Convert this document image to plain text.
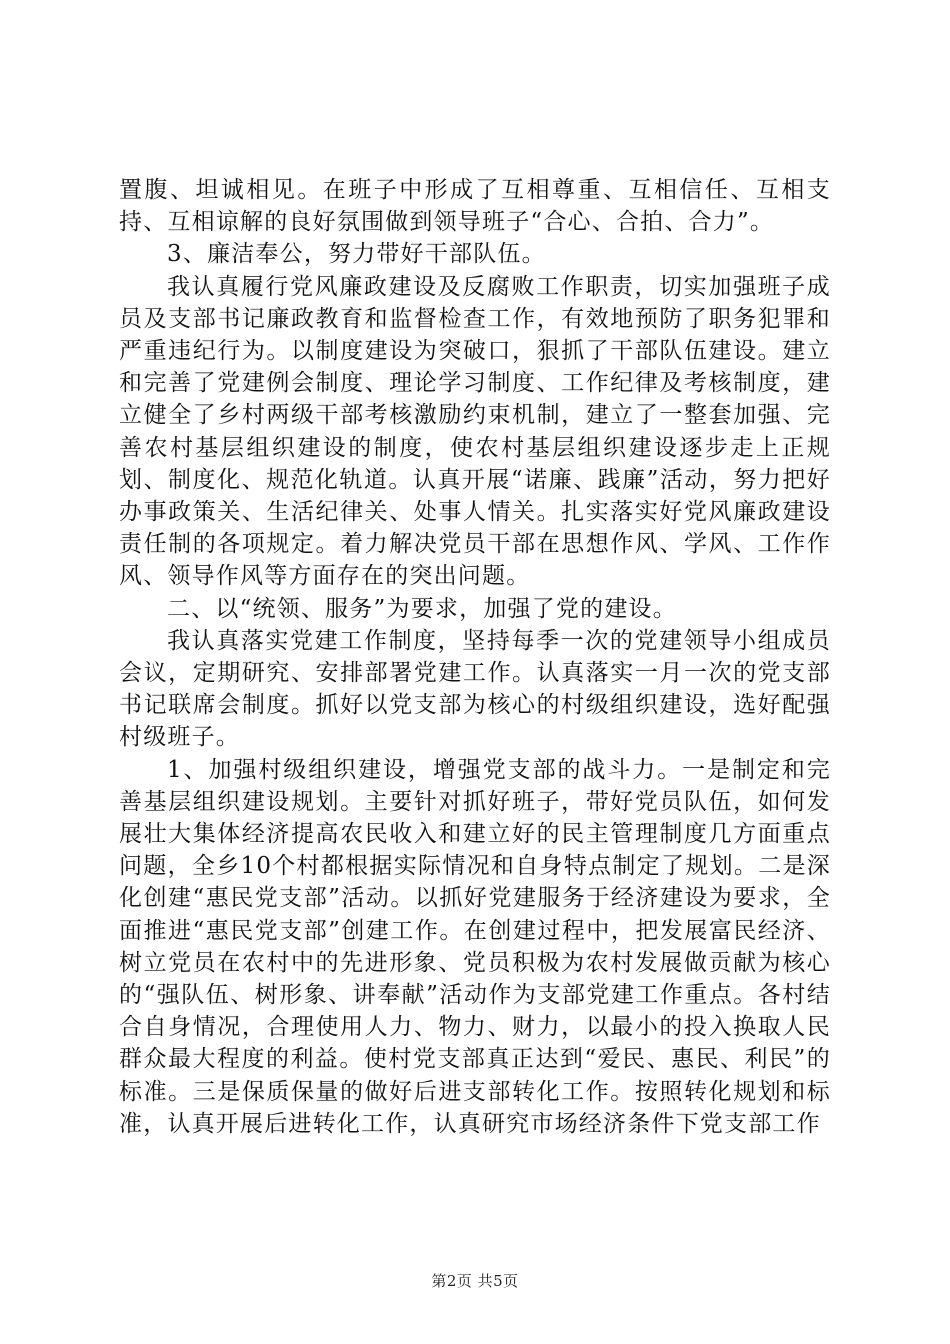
置腹、坦诚相见。在班子中形成了互相尊重、互相信任、互相支持、互相谅解的良好氛围做到领导班子“合心、合拍、合力”。

3、廉洁奉公，努力带好干部队伍。

我认真履行党风廉政建设及反腐败工作职责，切实加强班子成员及支部书记廉政教育和监督检查工作，有效地预防了职务犯罪和严重违纪行为。以制度建设为突破口，狠抓了干部队伍建设。建立和完善了党建例会制度、理论学习制度、工作纪律及考核制度，建立健全了乡村两级干部考核激励约束机制，建立了一整套加强、完善农村基层组织建设的制度，使农村基层组织建设逐步走上正规划、制度化、规范化轨道。认真开展“诺廉、践廉”活动，努力把好办事政策关、生活纪律关、处事人情关。扎实落实好党风廉政建设责任制的各项规定。着力解决党员干部在思想作风、学风、工作作风、领导作风等方面存在的突出问题。

二、以“统领、服务”为要求，加强了党的建设。

我认真落实党建工作制度，坚持每季一次的党建领导小组成员会议，定期研究、安排部署党建工作。认真落实一月一次的党支部书记联席会制度。抓好以党支部为核心的村级组织建设，选好配强村级班子。

1、加强村级组织建设，增强党支部的战斗力。一是制定和完善基层组织建设规划。主要针对抓好班子，带好党员队伍，如何发展壮大集体经济提高农民收入和建立好的民主管理制度几方面重点问题，全乡10个村都根据实际情况和自身特点制定了规划。二是深化创建“惠民党支部”活动。以抓好党建服务于经济建设为要求，全面推进“惠民党支部”创建工作。在创建过程中，把发展富民经济、树立党员在农村中的先进形象、党员积极为农村发展做贡献为核心的“强队伍、树形象、讲奉献”活动作为支部党建工作重点。各村结合自身情况，合理使用人力、物力、财力，以最小的投入换取人民群众最大程度的利益。使村党支部真正达到“爱民、惠民、利民”的标准。三是保质保量的做好后进支部转化工作。按照转化规划和标准，认真开展后进转化工作，认真研究市场经济条件下党支部工作

第2页 共5页
